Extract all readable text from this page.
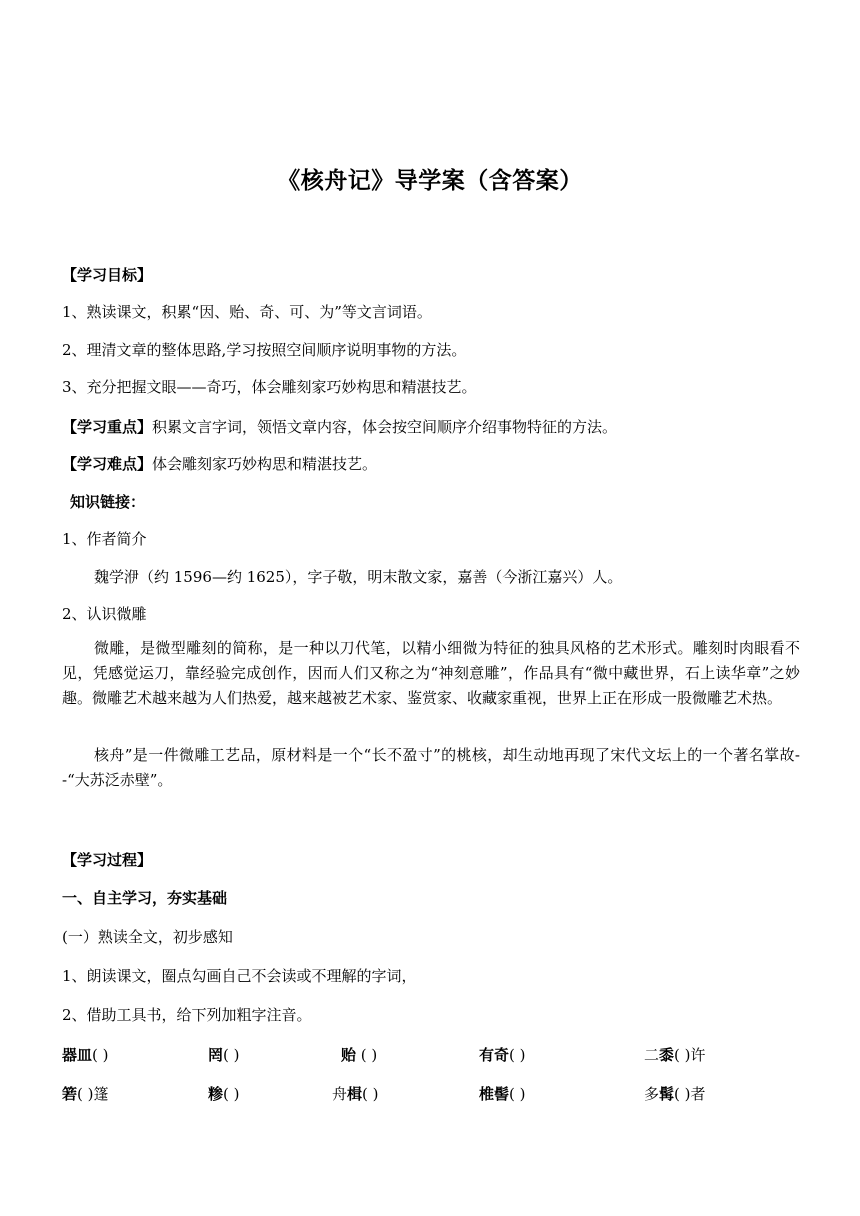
《核舟记》导学案（含答案）
【学习目标】
1、熟读课文，积累“因、贻、奇、可、为”等文言词语。
2、理清文章的整体思路,学习按照空间顺序说明事物的方法。
3、充分把握文眼——奇巧，体会雕刻家巧妙构思和精湛技艺。
【学习重点】积累文言字词，领悟文章内容，体会按空间顺序介绍事物特征的方法。
【学习难点】体会雕刻家巧妙构思和精湛技艺。
知识链接：
1、作者简介
魏学洢（约 1596—约 1625），字子敬，明末散文家，嘉善（今浙江嘉兴）人。
2、认识微雕
微雕，是微型雕刻的简称，是一种以刀代笔，以精小细微为特征的独具风格的艺术形式。雕刻时肉眼看不见，凭感觉运刀，靠经验完成创作，因而人们又称之为“神刻意雕”，作品具有“微中藏世界，石上读华章”之妙趣。微雕艺术越来越为人们热爱，越来越被艺术家、鉴赏家、收藏家重视，世界上正在形成一股微雕艺术热。
核舟”是一件微雕工艺品，原材料是一个“长不盈寸”的桃核，却生动地再现了宋代文坛上的一个著名掌故--“大苏泛赤壁”。
【学习过程】
一、自主学习，夯实基础
(一）熟读全文，初步感知
1、朗读课文，圈点勾画自己不会读或不理解的字词，
2、借助工具书，给下列加粗字注音。
器皿( )	罔( )	贻 ( )	有奇( )	二黍( )许
箬( )篷	糁( )	舟楫( )	椎髻( )	多髯( )者
